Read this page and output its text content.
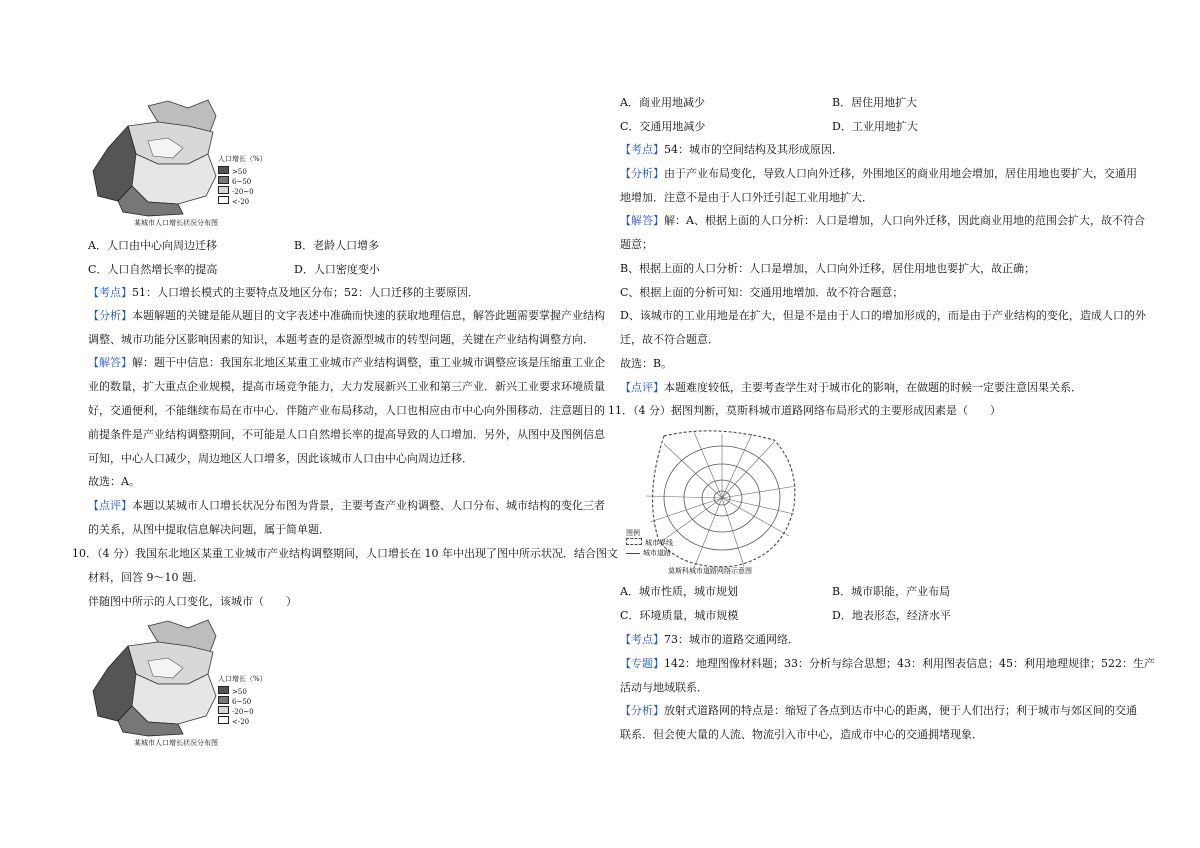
人口增长（%）
>50
6~50
-20~0
<-20
某城市人口增长状况分布图
A．人口由中心向周边迁移	B．老龄人口增多
C．人口自然增长率的提高	D．人口密度变小
【考点】51：人口增长模式的主要特点及地区分布；52：人口迁移的主要原因．
【分析】本题解题的关键是能从题目的文字表述中准确而快速的获取地理信息，解答此题需要掌握产业结构
调整、城市功能分区影响因素的知识，本题考查的是资源型城市的转型问题，关键在产业结构调整方向．
【解答】解：题干中信息：我国东北地区某重工业城市产业结构调整，重工业城市调整应该是压缩重工业企
业的数量，扩大重点企业规模，提高市场竞争能力，大力发展新兴工业和第三产业．新兴工业要求环境质量
好，交通便利，不能继续布局在市中心．伴随产业布局移动，人口也相应由市中心向外围移动．注意题目的
前提条件是产业结构调整期间，不可能是人口自然增长率的提高导致的人口增加．另外，从图中及图例信息
可知，中心人口减少，周边地区人口增多，因此该城市人口由中心向周边迁移．
故选：A。
【点评】本题以某城市人口增长状况分布图为背景，主要考查产业构调整、人口分布、城市结构的变化三者
的关系，从图中提取信息解决问题，属于简单题．
10．（4 分）我国东北地区某重工业城市产业结构调整期间，人口增长在 10 年中出现了图中所示状况．结合图文
材料，回答 9～10 题．
伴随图中所示的人口变化，该城市（　　）
人口增长（%）
>50
6~50
-20~0
<-20
某城市人口增长状况分布图
A．商业用地减少	B．居住用地扩大
C．交通用地减少	D．工业用地扩大
【考点】54：城市的空间结构及其形成原因．
【分析】由于产业布局变化，导致人口向外迁移，外围地区的商业用地会增加，居住用地也要扩大，交通用
地增加．注意不是由于人口外迁引起工业用地扩大．
【解答】解：A、根据上面的人口分析：人口是增加，人口向外迁移，因此商业用地的范围会扩大，故不符合
题意；
B、根据上面的人口分析：人口是增加，人口向外迁移，居住用地也要扩大，故正确；
C、根据上面的分析可知：交通用地增加．故不符合题意；
D、该城市的工业用地是在扩大，但是不是由于人口的增加形成的，而是由于产业结构的变化，造成人口的外
迁，故不符合题意．
故选：B。
【点评】本题难度较低，主要考查学生对于城市化的影响，在做题的时候一定要注意因果关系．
11．（4 分）据图判断，莫斯科城市道路网络布局形式的主要形成因素是（　　）
图例
城市界线
城市道路
莫斯科城市道路网络示意图
A．城市性质，城市规划	B．城市职能，产业布局
C．环境质量，城市规模	D．地表形态，经济水平
【考点】73：城市的道路交通网络．
【专题】142：地理图像材料题；33：分析与综合思想；43：利用图表信息；45：利用地理规律；522：生产
活动与地域联系．
【分析】放射式道路网的特点是：缩短了各点到达市中心的距离，便于人们出行；利于城市与郊区间的交通
联系．但会使大量的人流、物流引入市中心，造成市中心的交通拥堵现象．
